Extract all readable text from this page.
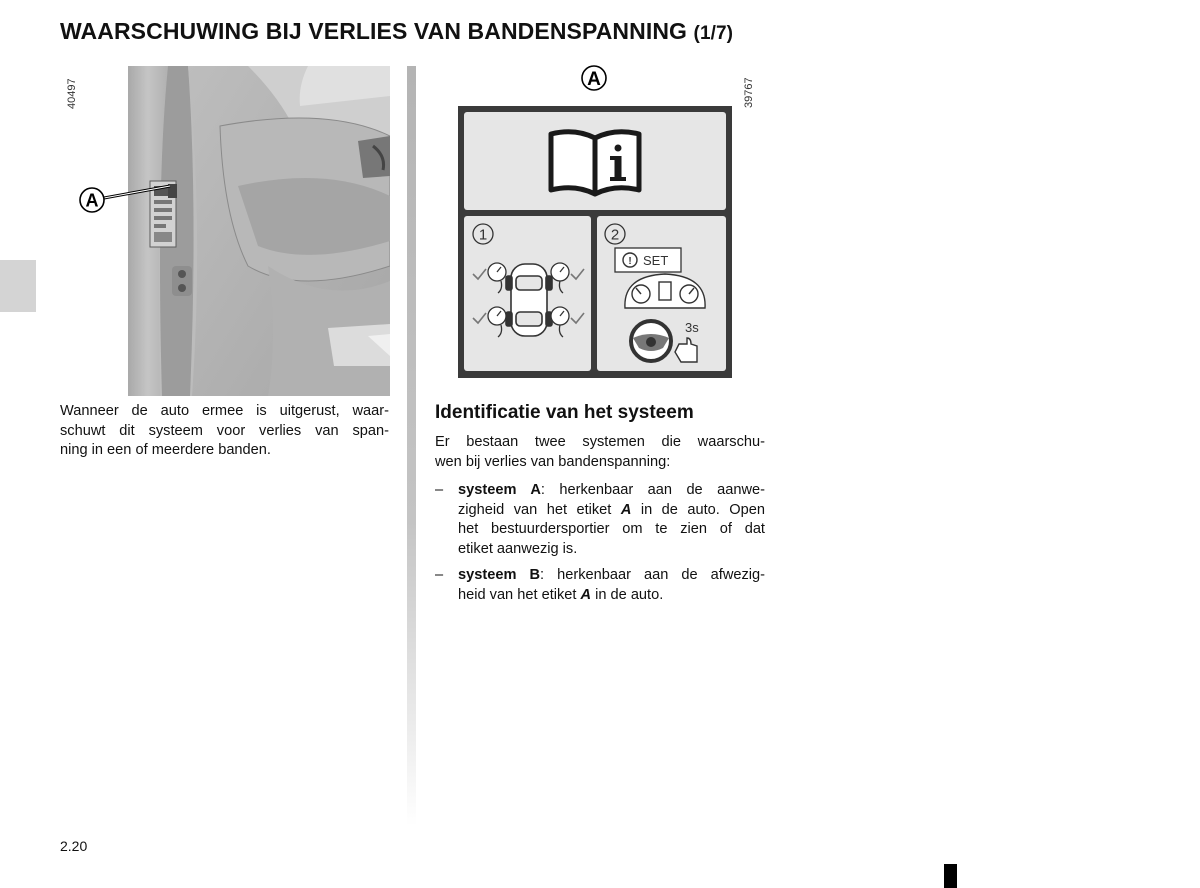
WAARSCHUWING BIJ VERLIES VAN BANDENSPANNING (1/7)
40497
A
39767
A
1	2
! SET
3s

Wanneer de auto ermee is uitgerust, waar-
schuwt dit systeem voor verlies van span-
ning in een of meerdere banden.

Identificatie van het systeem

Er bestaan twee systemen die waarschu-
wen bij verlies van bandenspanning:

– systeem A: herkenbaar aan de aanwe-
zigheid van het etiket A in de auto. Open
het bestuurdersportier om te zien of dat
etiket aanwezig is.
– systeem B: herkenbaar aan de afwezig-
heid van het etiket A in de auto.
2.20
